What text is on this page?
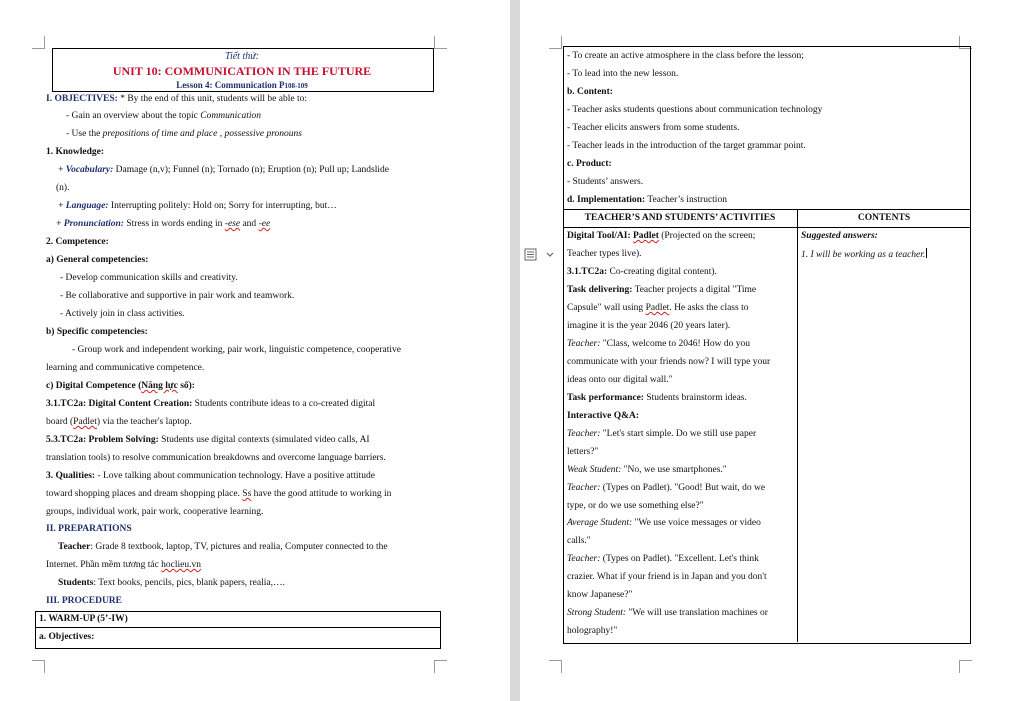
Tiết thứ:
UNIT 10: COMMUNICATION IN THE FUTURE
Lesson 4: Communication P108-109
I. OBJECTIVES: * By the end of this unit, students will be able to:
- Gain an overview about the topic Communication
- Use the prepositions of time and place , possessive pronouns
1. Knowledge:
+ Vocabulary: Damage (n,v); Funnel (n); Tornado (n); Eruption (n); Pull up; Landslide
(n).
+ Language: Interrupting politely: Hold on; Sorry for interrupting, but…
+ Pronunciation: Stress in words ending in -ese and -ee
2. Competence:
a) General competencies:
- Develop communication skills and creativity.
- Be collaborative and supportive in pair work and teamwork.
- Actively join in class activities.
b) Specific competencies:
- Group work and independent working, pair work, linguistic competence, cooperative
learning and communicative competence.
c) Digital Competence (Năng lực số):
3.1.TC2a: Digital Content Creation: Students contribute ideas to a co-created digital
board (Padlet) via the teacher's laptop.
5.3.TC2a: Problem Solving: Students use digital contexts (simulated video calls, AI
translation tools) to resolve communication breakdowns and overcome language barriers.
3. Qualities: - Love talking about communication technology. Have a positive attitude
toward shopping places and dream shopping place. Ss have the good attitude to working in
groups, individual work, pair work, cooperative learning.
II. PREPARATIONS
Teacher: Grade 8 textbook, laptop, TV, pictures and realia, Computer connected to the
Internet. Phần mềm tương tác hoclieu.vn
Students: Text books, pencils, pics, blank papers, realia,….
III. PROCEDURE
1. WARM-UP (5’-IW)
a. Objectives:
- To create an active atmosphere in the class before the lesson;
- To lead into the new lesson.
b. Content:
- Teacher asks students questions about communication technology
- Teacher elicits answers from some students.
- Teacher leads in the introduction of the target grammar point.
c. Product:
- Students’ answers.
d. Implementation: Teacher’s instruction
TEACHER’S AND STUDENTS’ ACTIVITIES	CONTENTS
Digital Tool/AI: Padlet (Projected on the screen;
Teacher types live).
3.1.TC2a: Co-creating digital content).
Task delivering: Teacher projects a digital "Time
Capsule" wall using Padlet. He asks the class to
imagine it is the year 2046 (20 years later).
Teacher: "Class, welcome to 2046! How do you
communicate with your friends now? I will type your
ideas onto our digital wall."
Task performance: Students brainstorm ideas.
Interactive Q&A:
Teacher: "Let's start simple. Do we still use paper
letters?"
Weak Student: "No, we use smartphones."
Teacher: (Types on Padlet). "Good! But wait, do we
type, or do we use something else?"
Average Student: "We use voice messages or video
calls."
Teacher: (Types on Padlet). "Excellent. Let's think
crazier. What if your friend is in Japan and you don't
know Japanese?"
Strong Student: "We will use translation machines or
holography!"
Suggested answers:
1. I will be working as a teacher.
